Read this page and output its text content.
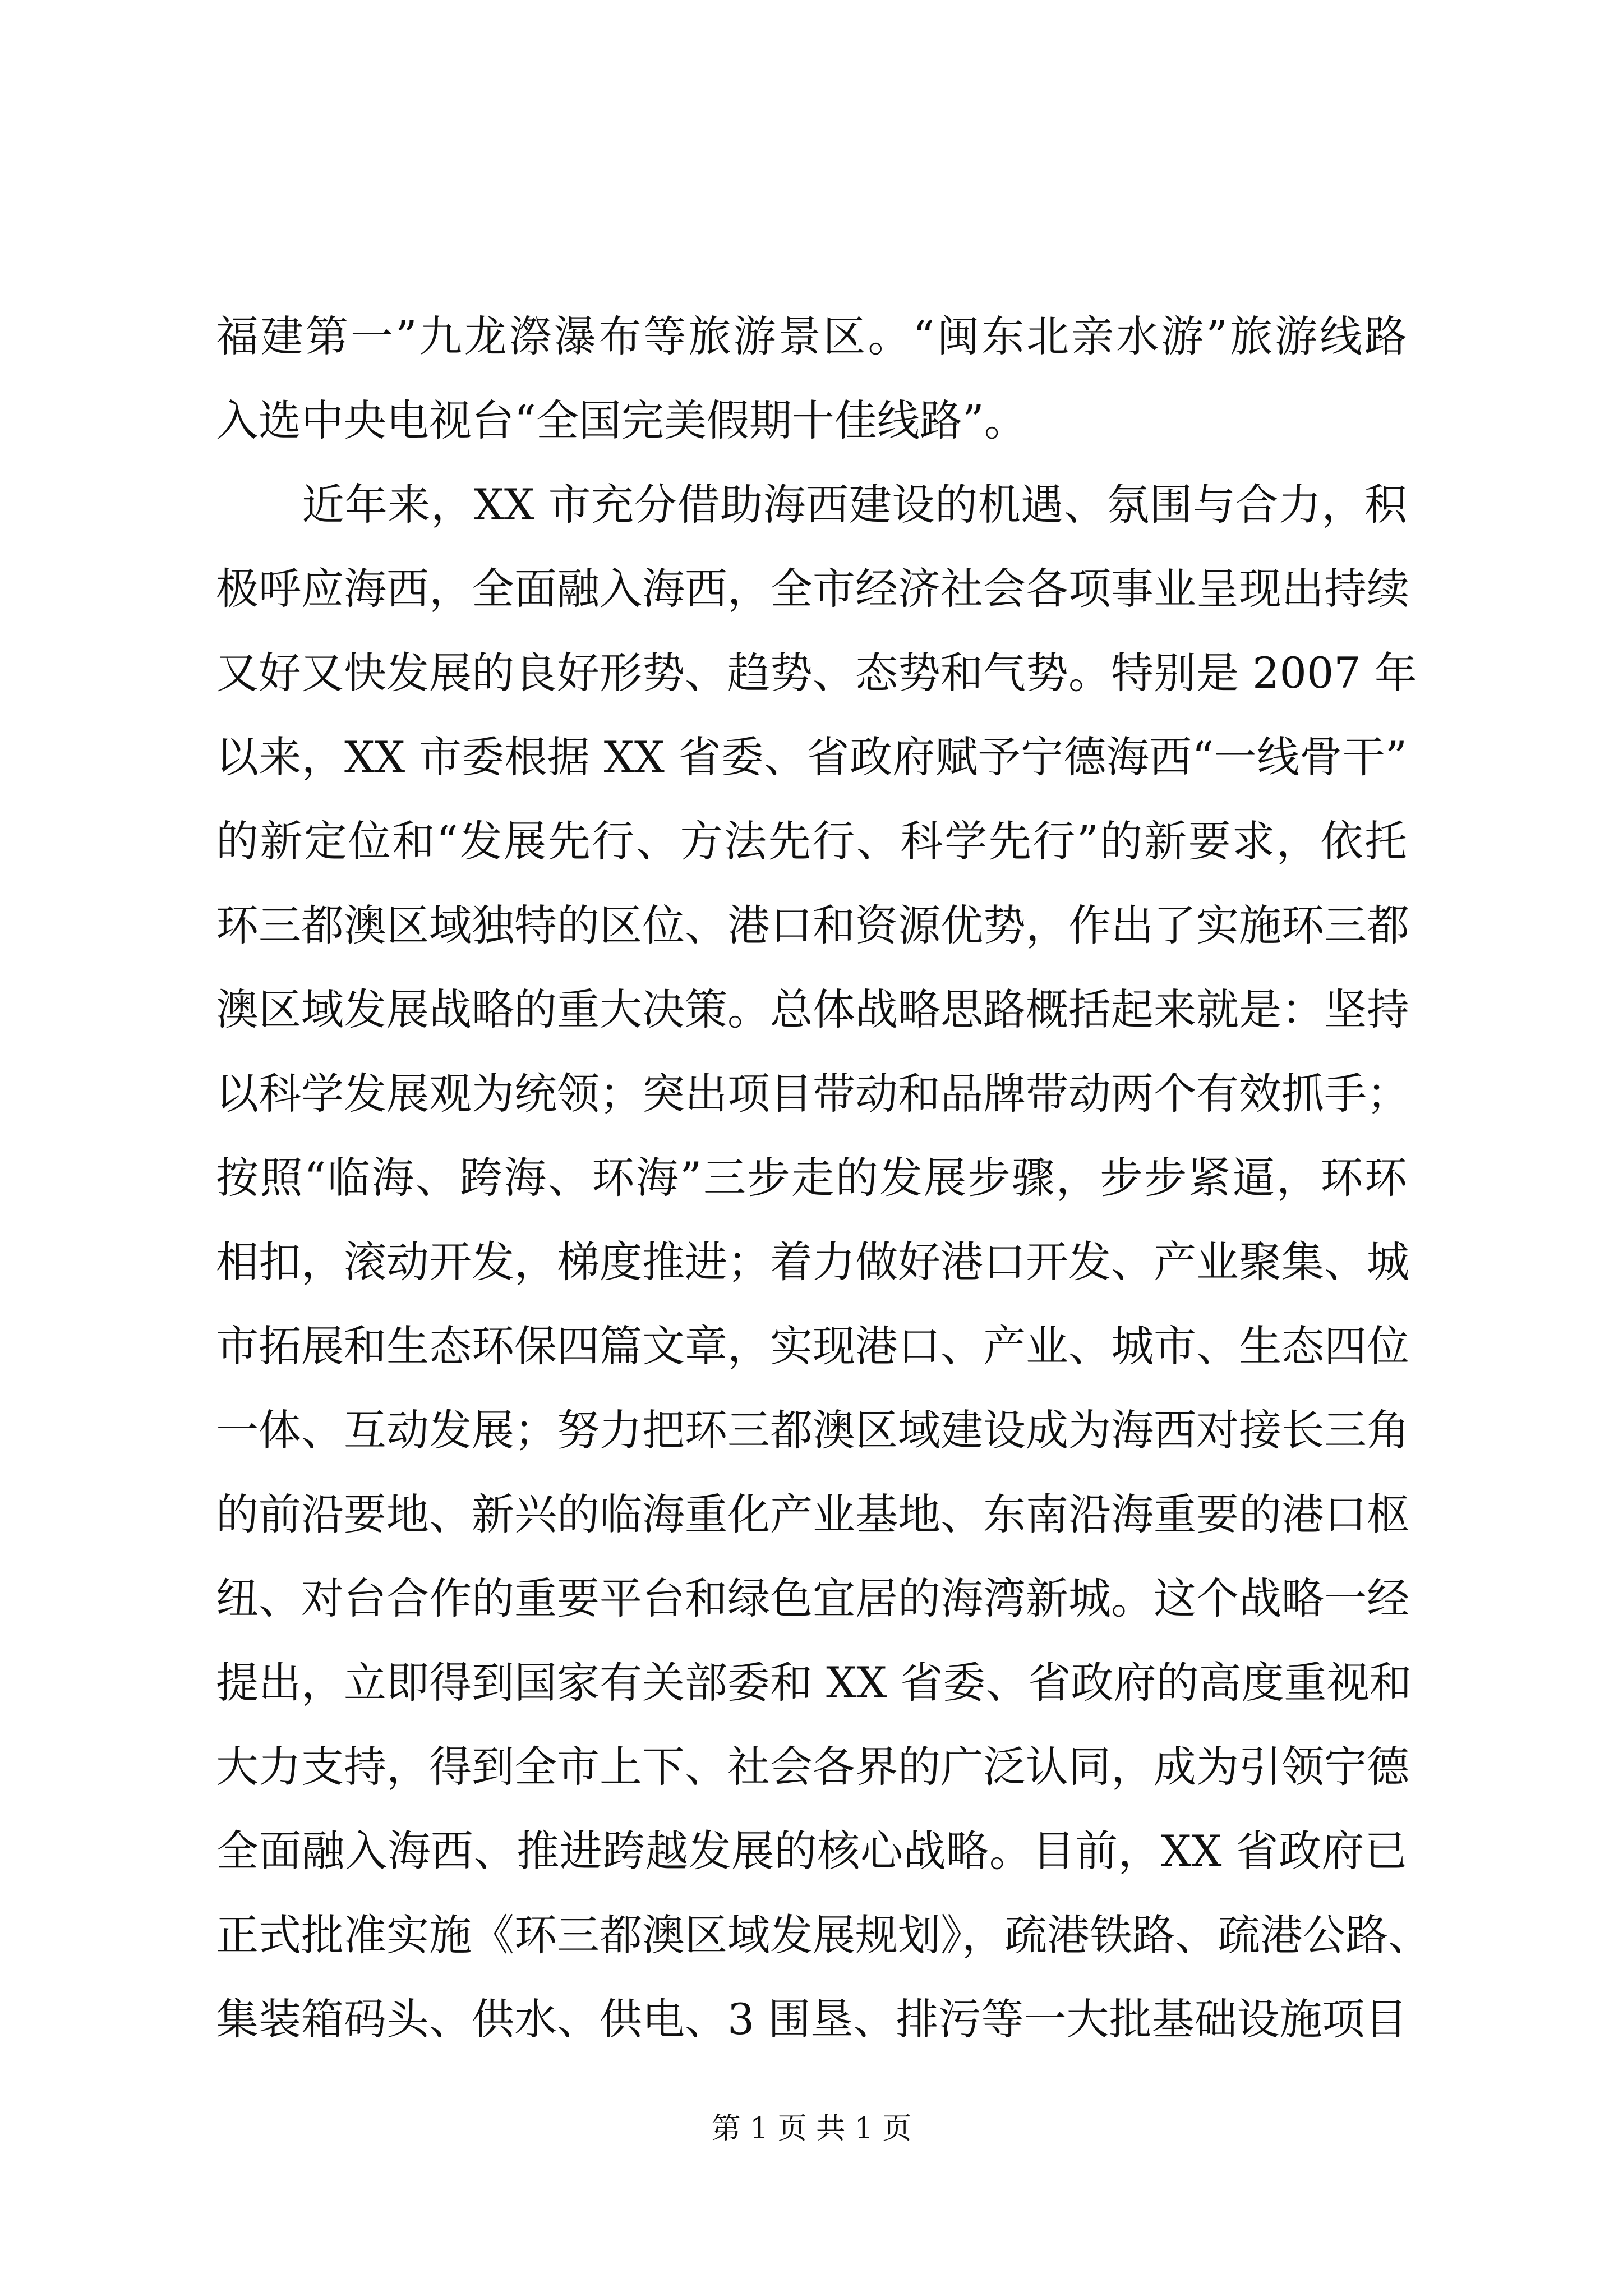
福建第一”九龙漈瀑布等旅游景区。“闽东北亲水游”旅游线路
入选中央电视台“全国完美假期十佳线路”。
　　近年来，XX 市充分借助海西建设的机遇、氛围与合力，积
极呼应海西，全面融入海西，全市经济社会各项事业呈现出持续
又好又快发展的良好形势、趋势、态势和气势。特别是 2007 年
以来，XX 市委根据 XX 省委、省政府赋予宁德海西“一线骨干”
的新定位和“发展先行、方法先行、科学先行”的新要求，依托
环三都澳区域独特的区位、港口和资源优势，作出了实施环三都
澳区域发展战略的重大决策。总体战略思路概括起来就是：坚持
以科学发展观为统领；突出项目带动和品牌带动两个有效抓手；
按照“临海、跨海、环海”三步走的发展步骤，步步紧逼，环环
相扣，滚动开发，梯度推进；着力做好港口开发、产业聚集、城
市拓展和生态环保四篇文章，实现港口、产业、城市、生态四位
一体、互动发展；努力把环三都澳区域建设成为海西对接长三角
的前沿要地、新兴的临海重化产业基地、东南沿海重要的港口枢
纽、对台合作的重要平台和绿色宜居的海湾新城。这个战略一经
提出，立即得到国家有关部委和 XX 省委、省政府的高度重视和
大力支持，得到全市上下、社会各界的广泛认同，成为引领宁德
全面融入海西、推进跨越发展的核心战略。目前，XX 省政府已
正式批准实施《环三都澳区域发展规划》，疏港铁路、疏港公路、
集装箱码头、供水、供电、3 围垦、排污等一大批基础设施项目
第 1 页 共 1 页
